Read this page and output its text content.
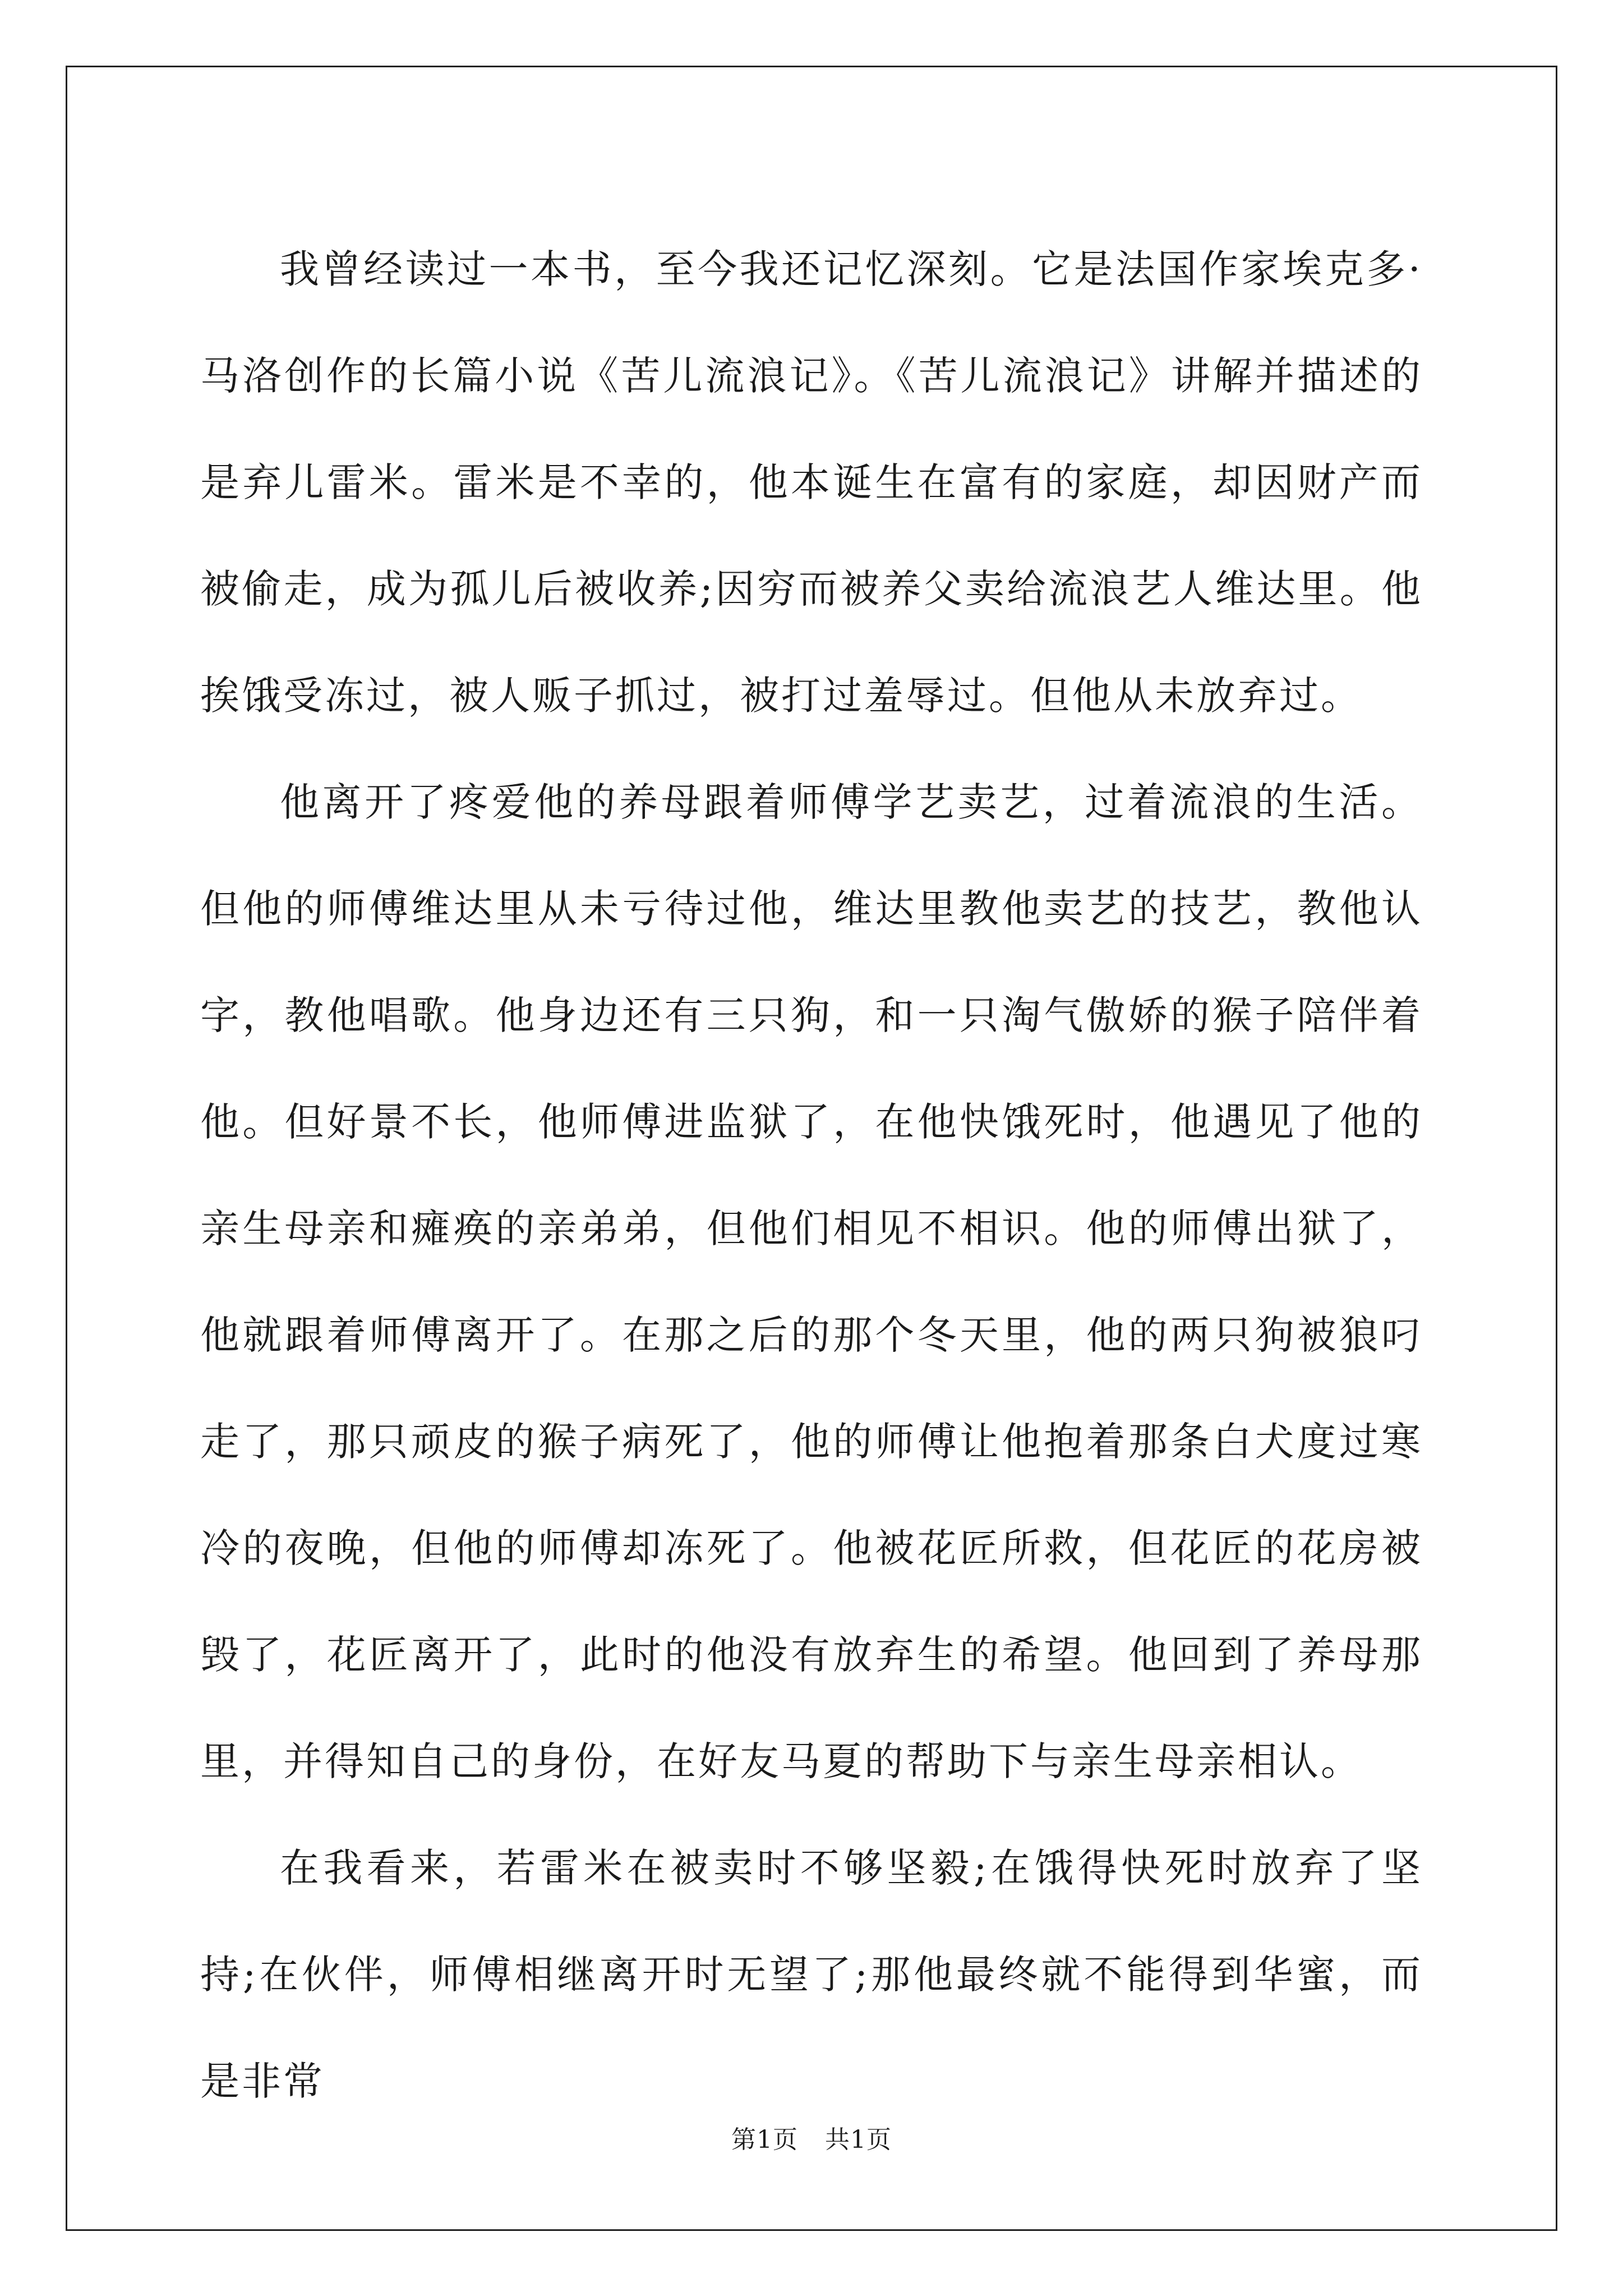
我曾经读过一本书，至今我还记忆深刻。它是法国作家埃克多·马洛创作的长篇小说《苦儿流浪记》。《苦儿流浪记》讲解并描述的是弃儿雷米。雷米是不幸的，他本诞生在富有的家庭，却因财产而被偷走，成为孤儿后被收养;因穷而被养父卖给流浪艺人维达里。他挨饿受冻过，被人贩子抓过，被打过羞辱过。但他从未放弃过。

他离开了疼爱他的养母跟着师傅学艺卖艺，过着流浪的生活。但他的师傅维达里从未亏待过他，维达里教他卖艺的技艺，教他认字，教他唱歌。他身边还有三只狗，和一只淘气傲娇的猴子陪伴着他。但好景不长，他师傅进监狱了，在他快饿死时，他遇见了他的亲生母亲和瘫痪的亲弟弟，但他们相见不相识。他的师傅出狱了，他就跟着师傅离开了。在那之后的那个冬天里，他的两只狗被狼叼走了，那只顽皮的猴子病死了，他的师傅让他抱着那条白犬度过寒冷的夜晚，但他的师傅却冻死了。他被花匠所救，但花匠的花房被毁了，花匠离开了，此时的他没有放弃生的希望。他回到了养母那里，并得知自己的身份，在好友马夏的帮助下与亲生母亲相认。

在我看来，若雷米在被卖时不够坚毅;在饿得快死时放弃了坚持;在伙伴，师傅相继离开时无望了;那他最终就不能得到华蜜，而是非常

第1页 共1页
